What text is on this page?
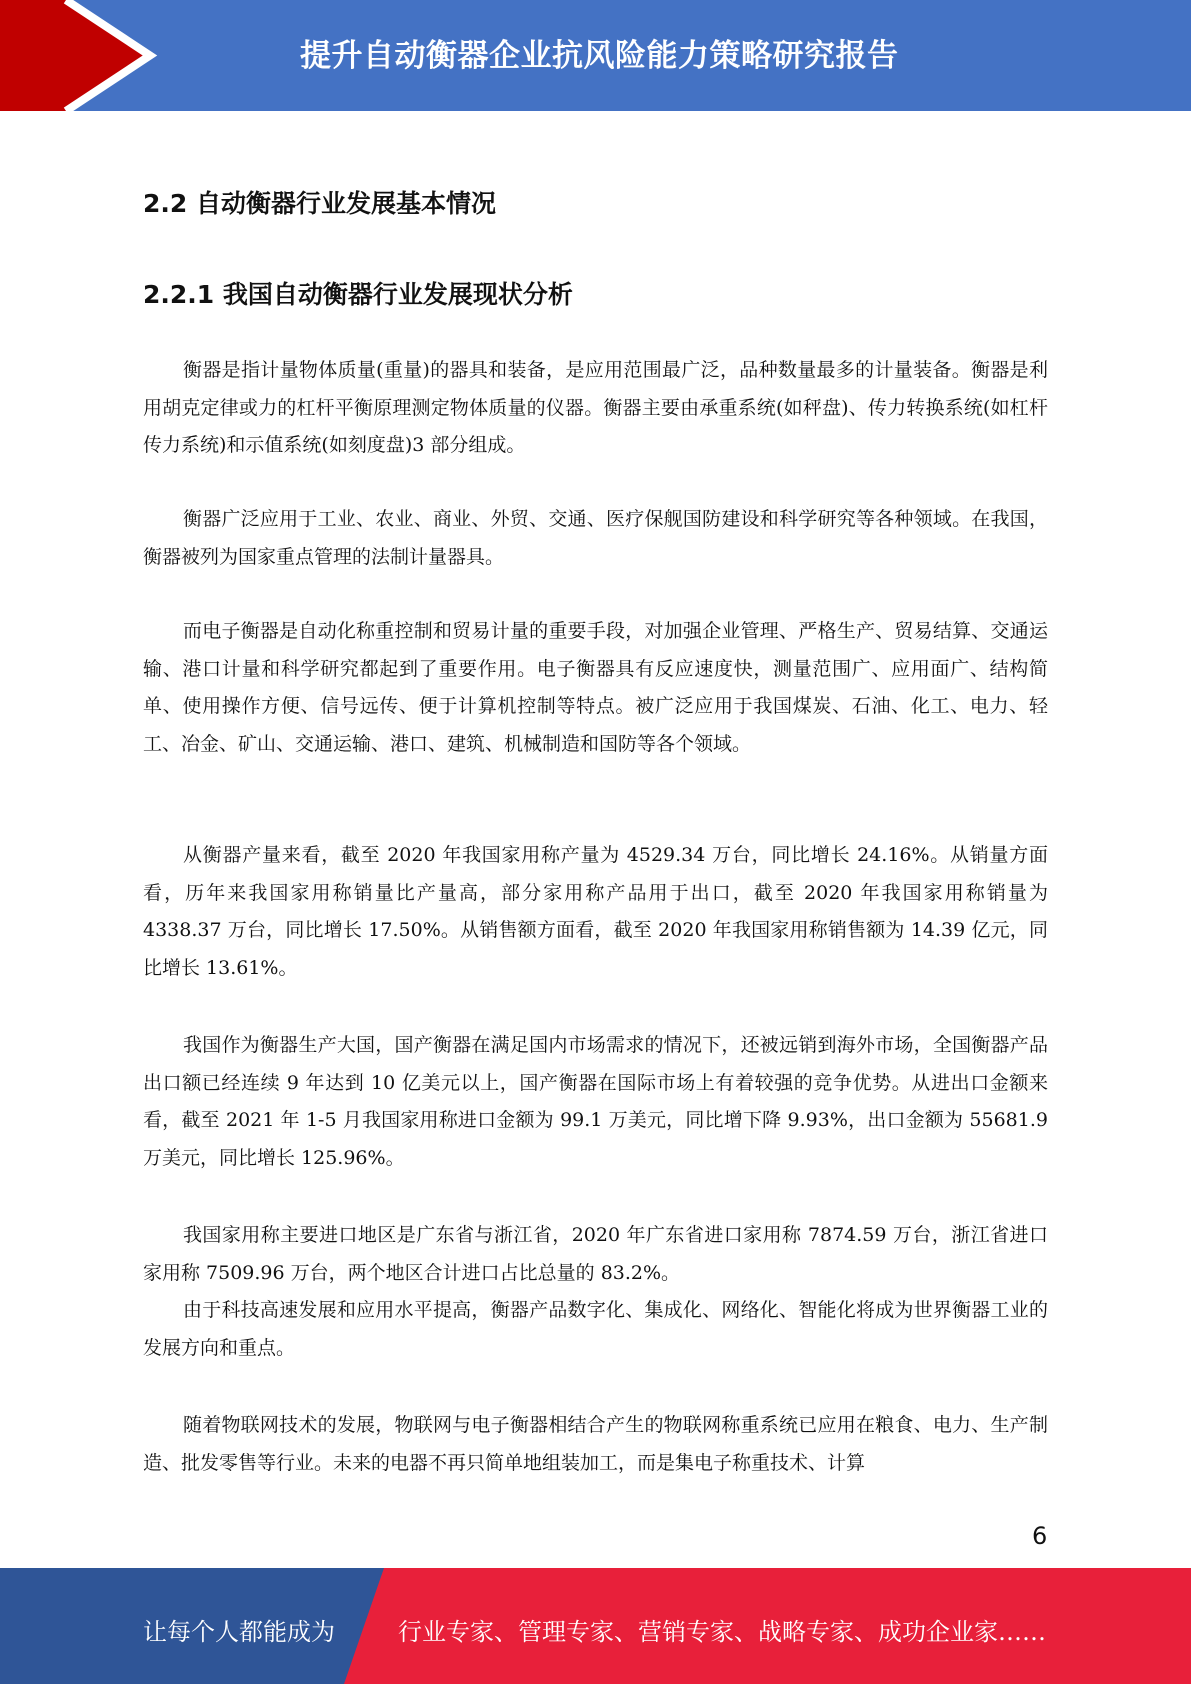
提升自动衡器企业抗风险能力策略研究报告
2.2 自动衡器行业发展基本情况
2.2.1 我国自动衡器行业发展现状分析

衡器是指计量物体质量(重量)的器具和装备，是应用范围最广泛，品种数量最多的计量装备。衡器是利用胡克定律或力的杠杆平衡原理测定物体质量的仪器。衡器主要由承重系统(如秤盘)、传力转换系统(如杠杆传力系统)和示值系统(如刻度盘)3 部分组成。

衡器广泛应用于工业、农业、商业、外贸、交通、医疗保舰国防建设和科学研究等各种领域。在我国，衡器被列为国家重点管理的法制计量器具。

而电子衡器是自动化称重控制和贸易计量的重要手段，对加强企业管理、严格生产、贸易结算、交通运输、港口计量和科学研究都起到了重要作用。电子衡器具有反应速度快，测量范围广、应用面广、结构简单、使用操作方便、信号远传、便于计算机控制等特点。被广泛应用于我国煤炭、石油、化工、电力、轻工、冶金、矿山、交通运输、港口、建筑、机械制造和国防等各个领域。

从衡器产量来看，截至 2020 年我国家用称产量为 4529.34 万台，同比增长 24.16%。从销量方面看，历年来我国家用称销量比产量高，部分家用称产品用于出口，截至 2020 年我国家用称销量为 4338.37 万台，同比增长 17.50%。从销售额方面看，截至 2020 年我国家用称销售额为 14.39 亿元，同比增长 13.61%。

我国作为衡器生产大国，国产衡器在满足国内市场需求的情况下，还被远销到海外市场，全国衡器产品出口额已经连续 9 年达到 10 亿美元以上，国产衡器在国际市场上有着较强的竞争优势。从进出口金额来看，截至 2021 年 1-5 月我国家用称进口金额为 99.1 万美元，同比增下降 9.93%，出口金额为 55681.9 万美元，同比增长 125.96%。

我国家用称主要进口地区是广东省与浙江省，2020 年广东省进口家用称 7874.59 万台，浙江省进口家用称 7509.96 万台，两个地区合计进口占比总量的 83.2%。

由于科技高速发展和应用水平提高，衡器产品数字化、集成化、网络化、智能化将成为世界衡器工业的发展方向和重点。

随着物联网技术的发展，物联网与电子衡器相结合产生的物联网称重系统已应用在粮食、电力、生产制造、批发零售等行业。未来的电器不再只简单地组装加工，而是集电子称重技术、计算

6
让每个人都能成为	行业专家、管理专家、营销专家、战略专家、成功企业家……
